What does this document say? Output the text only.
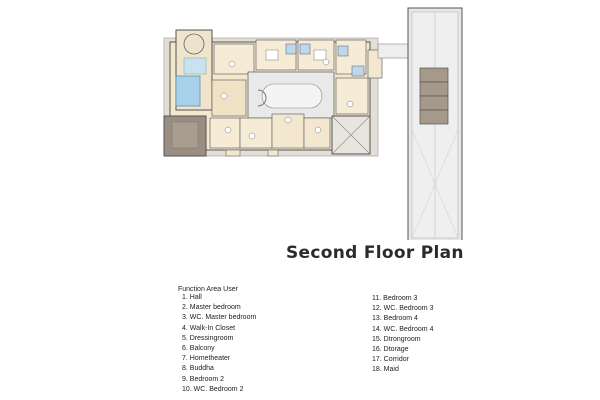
Second Floor Plan
Function Area User
1. Hall
2. Master bedroom
3. WC. Master bedroom
4. Walk-In Closet
5. Dressingroom
6. Balcony
7. Hometheater
8. Buddha
9. Bedroom 2
10. WC. Bedroom 2
11. Bedroom 3
12. WC. Bedroom 3
13. Bedroom 4
14. WC. Bedroom 4
15. Dtrongroom
16. Dtorage
17. Corridor
18. Maid
